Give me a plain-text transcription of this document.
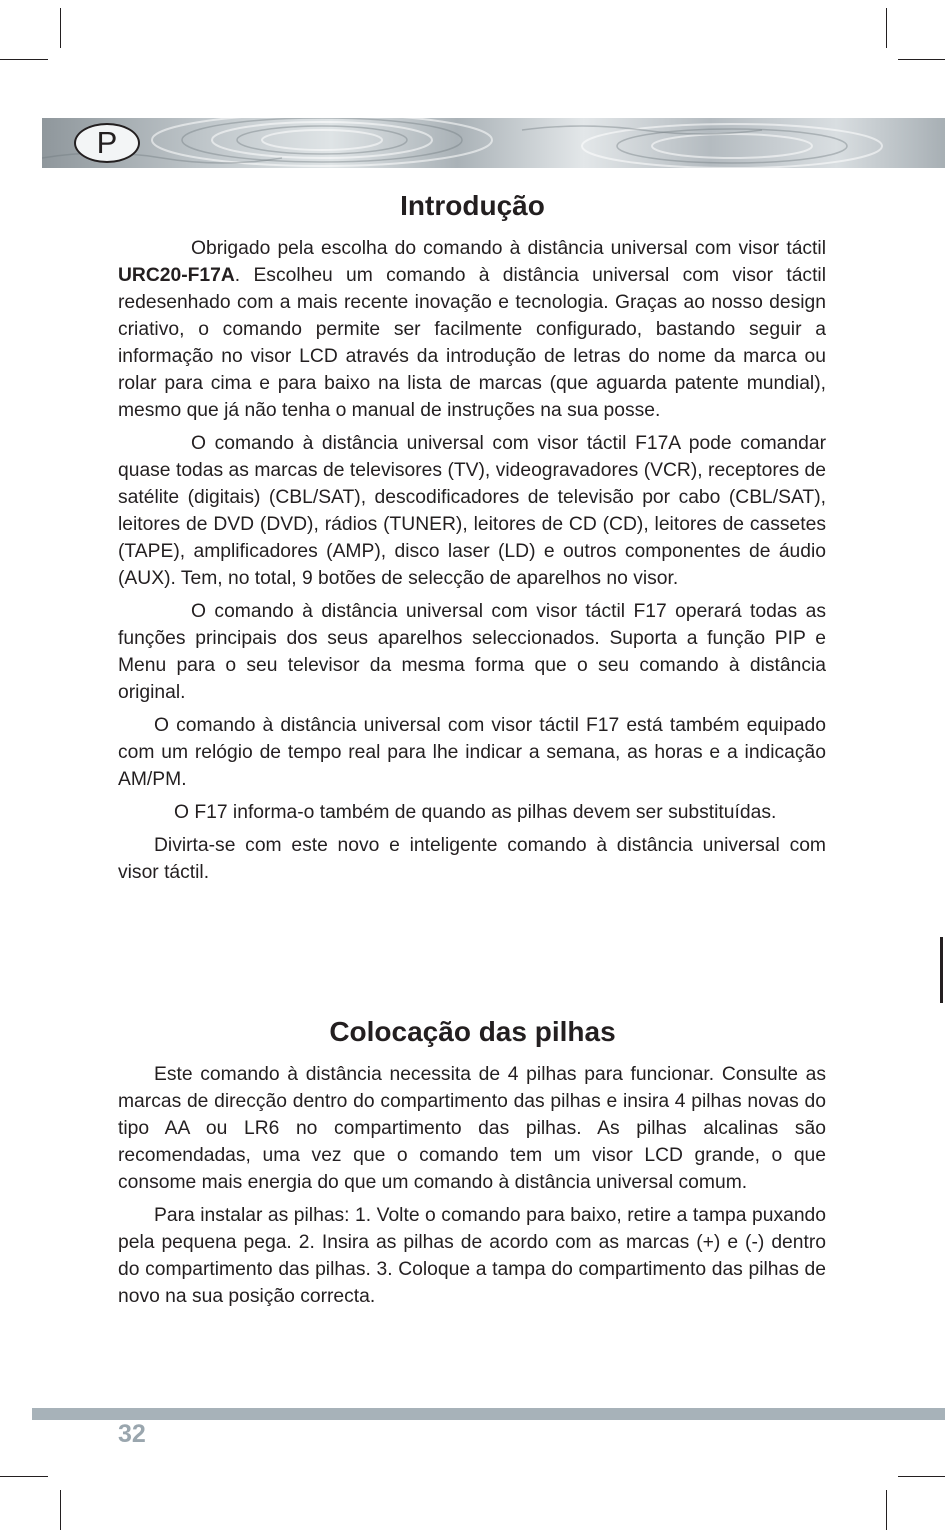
P
Introdução

Obrigado pela escolha do comando à distância universal com visor táctil URC20-F17A. Escolheu um comando à distância universal com visor táctil redesenhado com a mais recente inovação e tecnologia. Graças ao nosso design criativo, o comando permite ser facilmente configurado, bastando seguir a informação no visor LCD através da introdução de letras do nome da marca ou rolar para cima e para baixo na lista de marcas (que aguarda patente mundial), mesmo que já não tenha o manual de instruções na sua posse.

O comando à distância universal com visor táctil F17A pode comandar quase todas as marcas de televisores (TV), videogravadores (VCR), receptores de satélite (digitais) (CBL/SAT), descodificadores de televisão por cabo (CBL/SAT), leitores de DVD (DVD), rádios (TUNER), leitores de CD (CD), leitores de cassetes (TAPE), amplificadores (AMP), disco laser (LD) e outros componentes de áudio (AUX). Tem, no total, 9 botões de selecção de aparelhos no visor.

O comando à distância universal com visor táctil F17 operará todas as funções principais dos seus aparelhos seleccionados. Suporta a função PIP e Menu para o seu televisor da mesma forma que o seu comando à distância original.

O comando à distância universal com visor táctil F17 está também equipado com um relógio de tempo real para lhe indicar a semana, as horas e a indicação AM/PM.

O F17 informa-o também de quando as pilhas devem ser substituídas.

Divirta-se com este novo e inteligente comando à distância universal com visor táctil.

Colocação das pilhas

Este comando à distância necessita de 4 pilhas para funcionar. Consulte as marcas de direcção dentro do compartimento das pilhas e insira 4 pilhas novas do tipo AA ou LR6 no compartimento das pilhas. As pilhas alcalinas são recomendadas, uma vez que o comando tem um visor LCD grande, o que consome mais energia do que um comando à distância universal comum.

Para instalar as pilhas: 1. Volte o comando para baixo, retire a tampa puxando pela pequena pega. 2. Insira as pilhas de acordo com as marcas (+) e (-) dentro do compartimento das pilhas. 3. Coloque a tampa do compartimento das pilhas de novo na sua posição correcta.

32
